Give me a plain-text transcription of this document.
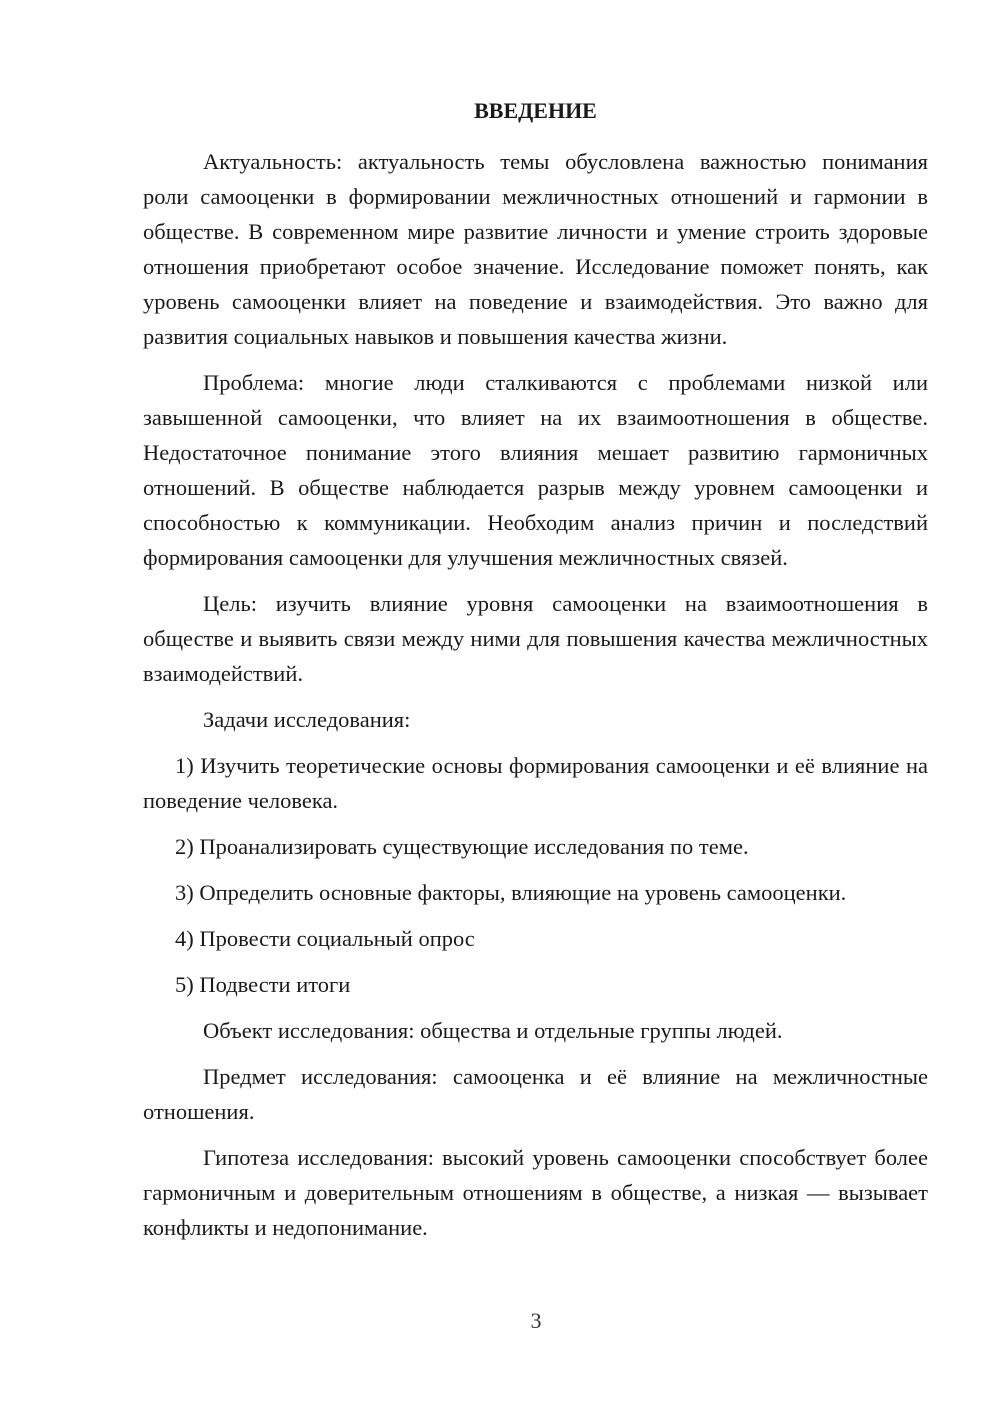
ВВЕДЕНИЕ

Актуальность: актуальность темы обусловлена важностью понимания роли самооценки в формировании межличностных отношений и гармонии в обществе. В современном мире развитие личности и умение строить здоровые отношения приобретают особое значение. Исследование поможет понять, как уровень самооценки влияет на поведение и взаимодействия. Это важно для развития социальных навыков и повышения качества жизни.

Проблема: многие люди сталкиваются с проблемами низкой или завышенной самооценки, что влияет на их взаимоотношения в обществе. Недостаточное понимание этого влияния мешает развитию гармоничных отношений. В обществе наблюдается разрыв между уровнем самооценки и способностью к коммуникации. Необходим анализ причин и последствий формирования самооценки для улучшения межличностных связей.

Цель: изучить влияние уровня самооценки на взаимоотношения в обществе и выявить связи между ними для повышения качества межличностных взаимодействий.

Задачи исследования:

1) Изучить теоретические основы формирования самооценки и её влияние на поведение человека.

2) Проанализировать существующие исследования по теме.

3) Определить основные факторы, влияющие на уровень самооценки.

4) Провести социальный опрос

5) Подвести итоги

Объект исследования: общества и отдельные группы людей.

Предмет исследования: самооценка и её влияние на межличностные отношения.

Гипотеза исследования: высокий уровень самооценки способствует более гармоничным и доверительным отношениям в обществе, а низкая — вызывает конфликты и недопонимание.

3
